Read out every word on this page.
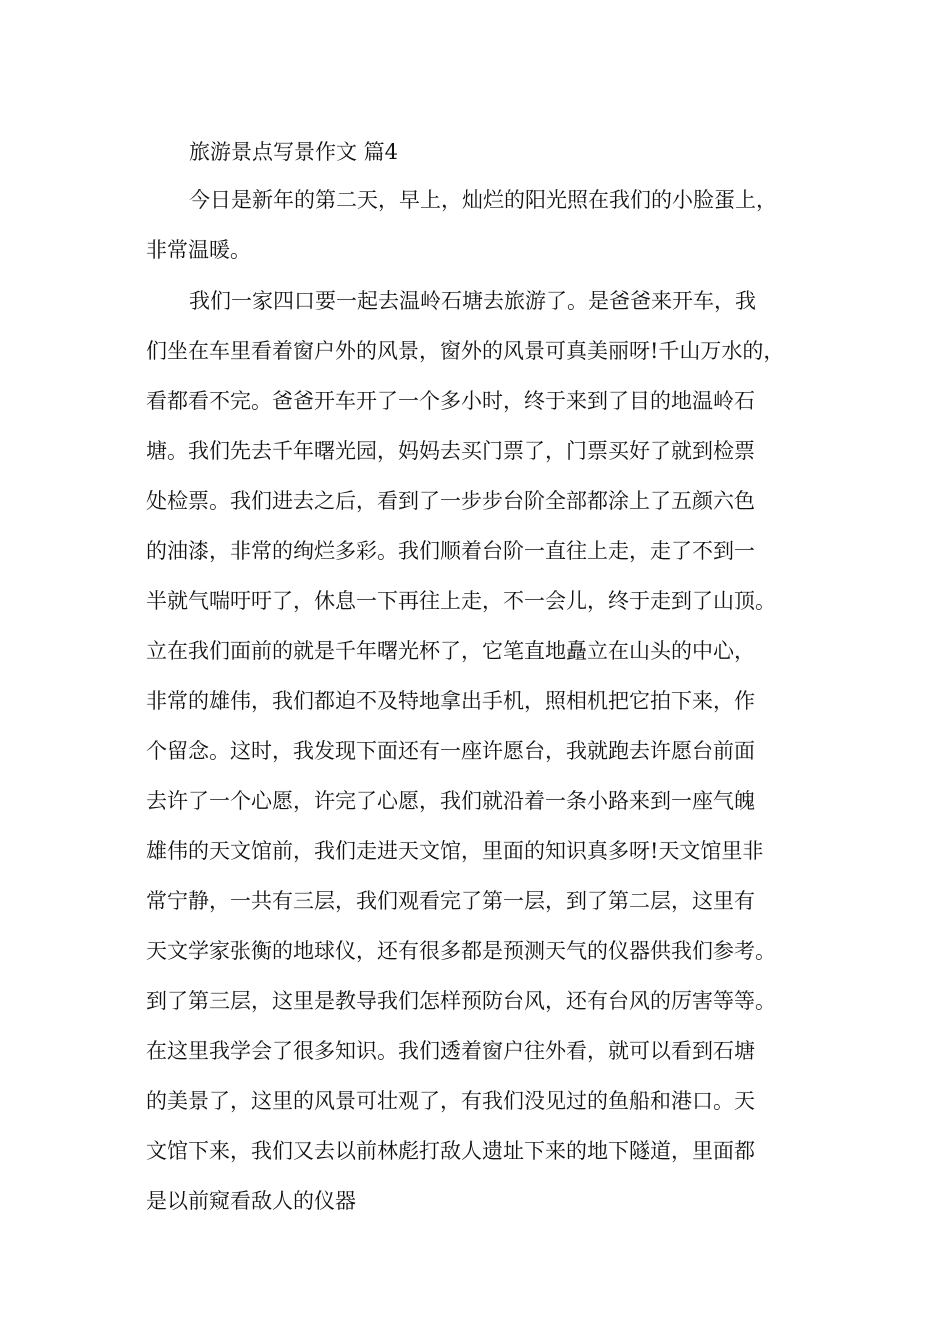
旅游景点写景作文 篇4

今日是新年的第二天，早上，灿烂的阳光照在我们的小脸蛋上，

非常温暖。

我们一家四口要一起去温岭石塘去旅游了。是爸爸来开车，我

们坐在车里看着窗户外的风景，窗外的风景可真美丽呀!千山万水的，

看都看不完。爸爸开车开了一个多小时，终于来到了目的地温岭石

塘。我们先去千年曙光园，妈妈去买门票了，门票买好了就到检票

处检票。我们进去之后，看到了一步步台阶全部都涂上了五颜六色

的油漆，非常的绚烂多彩。我们顺着台阶一直往上走，走了不到一

半就气喘吁吁了，休息一下再往上走，不一会儿，终于走到了山顶。

立在我们面前的就是千年曙光杯了，它笔直地矗立在山头的中心，

非常的雄伟，我们都迫不及特地拿出手机，照相机把它拍下来，作

个留念。这时，我发现下面还有一座许愿台，我就跑去许愿台前面

去许了一个心愿，许完了心愿，我们就沿着一条小路来到一座气魄

雄伟的天文馆前，我们走进天文馆，里面的知识真多呀!天文馆里非

常宁静，一共有三层，我们观看完了第一层，到了第二层，这里有

天文学家张衡的地球仪，还有很多都是预测天气的仪器供我们参考。

到了第三层，这里是教导我们怎样预防台风，还有台风的厉害等等。

在这里我学会了很多知识。我们透着窗户往外看，就可以看到石塘

的美景了，这里的风景可壮观了，有我们没见过的鱼船和港口。天

文馆下来，我们又去以前林彪打敌人遗址下来的地下隧道，里面都

是以前窥看敌人的仪器
